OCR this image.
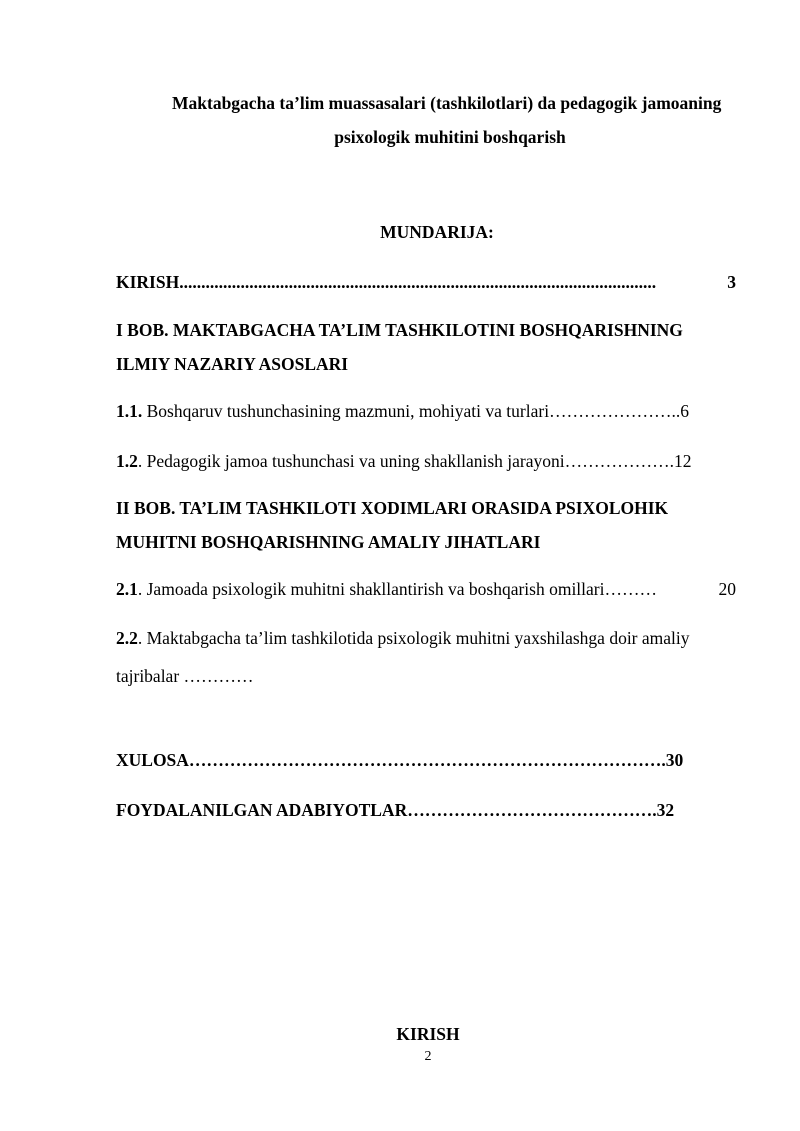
Maktabgacha ta’lim muassasalari (tashkilotlari) da pedagogik jamoaning
psixologik muhitini boshqarish
MUNDARIJA:
KIRISH.............................................................................................................	3
I BOB. MAKTABGACHA TA’LIM TASHKILOTINI BOSHQARISHNING
ILMIY NAZARIY ASOSLARI
1.1. Boshqaruv tushunchasining mazmuni, mohiyati va turlari…………………..6
1.2. Pedagogik jamoa tushunchasi va uning shakllanish jarayoni……………….12
II BOB. TA’LIM TASHKILOTI XODIMLARI ORASIDA PSIXOLOHIK
MUHITNI BOSHQARISHNING AMALIY JIHATLARI
2.1. Jamoada psixologik muhitni shakllantirish va boshqarish omillari………	20
2.2. Maktabgacha ta’lim tashkilotida psixologik muhitni yaxshilashga doir amaliy
tajribalar …………
XULOSA……………………………………………………………………….30
FOYDALANILGAN ADABIYOTLAR…………………………………….32
KIRISH
2
